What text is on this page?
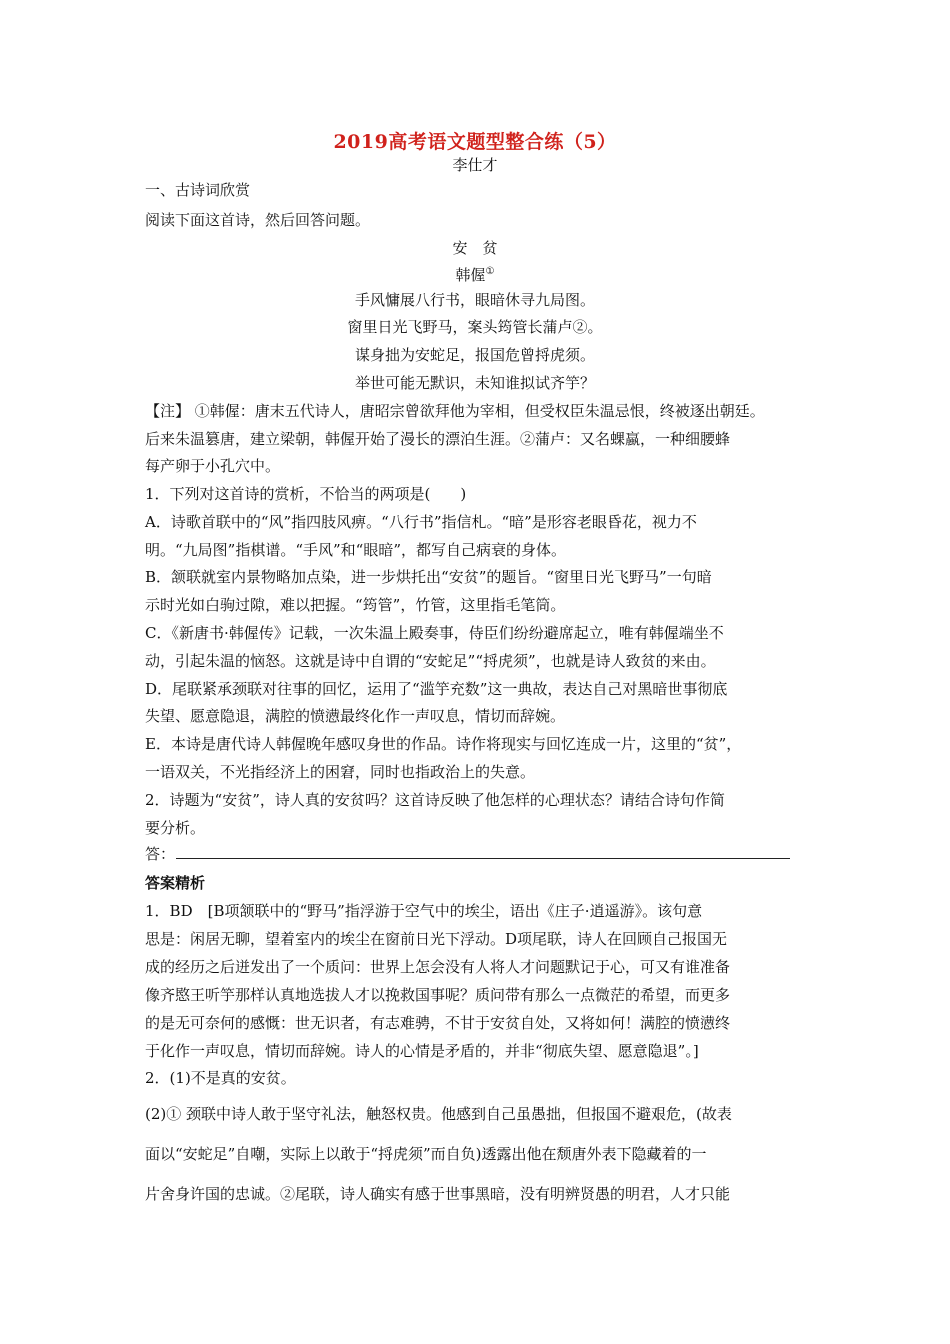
2019高考语文题型整合练（5）
李仕才
一、古诗词欣赏
阅读下面这首诗，然后回答问题。
安　贫
韩偓①
手风慵展八行书，眼暗休寻九局图。
窗里日光飞野马，案头筠管长蒲卢②。
谋身拙为安蛇足，报国危曾捋虎须。
举世可能无默识，未知谁拟试齐竽？
【注】 ①韩偓：唐末五代诗人，唐昭宗曾欲拜他为宰相，但受权臣朱温忌恨，终被逐出朝廷。
后来朱温篡唐，建立梁朝，韩偓开始了漫长的漂泊生涯。②蒲卢：又名蜾蠃，一种细腰蜂
每产卵于小孔穴中。
1．下列对这首诗的赏析，不恰当的两项是(　　)
A．诗歌首联中的“风”指四肢风痹。“八行书”指信札。“暗”是形容老眼昏花，视力不
明。“九局图”指棋谱。“手风”和“眼暗”，都写自己病衰的身体。
B．颔联就室内景物略加点染，进一步烘托出“安贫”的题旨。“窗里日光飞野马”一句暗
示时光如白驹过隙，难以把握。“筠管”，竹管，这里指毛笔筒。
C．《新唐书·韩偓传》记载，一次朱温上殿奏事，侍臣们纷纷避席起立，唯有韩偓端坐不
动，引起朱温的恼怒。这就是诗中自谓的“安蛇足”“捋虎须”，也就是诗人致贫的来由。
D．尾联紧承颈联对往事的回忆，运用了“滥竽充数”这一典故，表达自己对黑暗世事彻底
失望、愿意隐退，满腔的愤懑最终化作一声叹息，情切而辞婉。
E．本诗是唐代诗人韩偓晚年感叹身世的作品。诗作将现实与回忆连成一片，这里的“贫”，
一语双关，不光指经济上的困窘，同时也指政治上的失意。
2．诗题为“安贫”，诗人真的安贫吗？这首诗反映了他怎样的心理状态？请结合诗句作简
要分析。
答：
答案精析
1．BD　[B项颔联中的“野马”指浮游于空气中的埃尘，语出《庄子·逍遥游》。该句意
思是：闲居无聊，望着室内的埃尘在窗前日光下浮动。D项尾联，诗人在回顾自己报国无
成的经历之后迸发出了一个质问：世界上怎会没有人将人才问题默记于心，可又有谁准备
像齐愍王听竽那样认真地选拔人才以挽救国事呢？质问带有那么一点微茫的希望，而更多
的是无可奈何的感慨：世无识者，有志难骋，不甘于安贫自处，又将如何！满腔的愤懑终
于化作一声叹息，情切而辞婉。诗人的心情是矛盾的，并非“彻底失望、愿意隐退”。]
2．(1)不是真的安贫。
(2)① 颈联中诗人敢于坚守礼法，触怒权贵。他感到自己虽愚拙，但报国不避艰危，(故表
面以“安蛇足”自嘲，实际上以敢于“捋虎须”而自负)透露出他在颓唐外表下隐藏着的一
片舍身许国的忠诚。②尾联，诗人确实有感于世事黑暗，没有明辨贤愚的明君，人才只能
